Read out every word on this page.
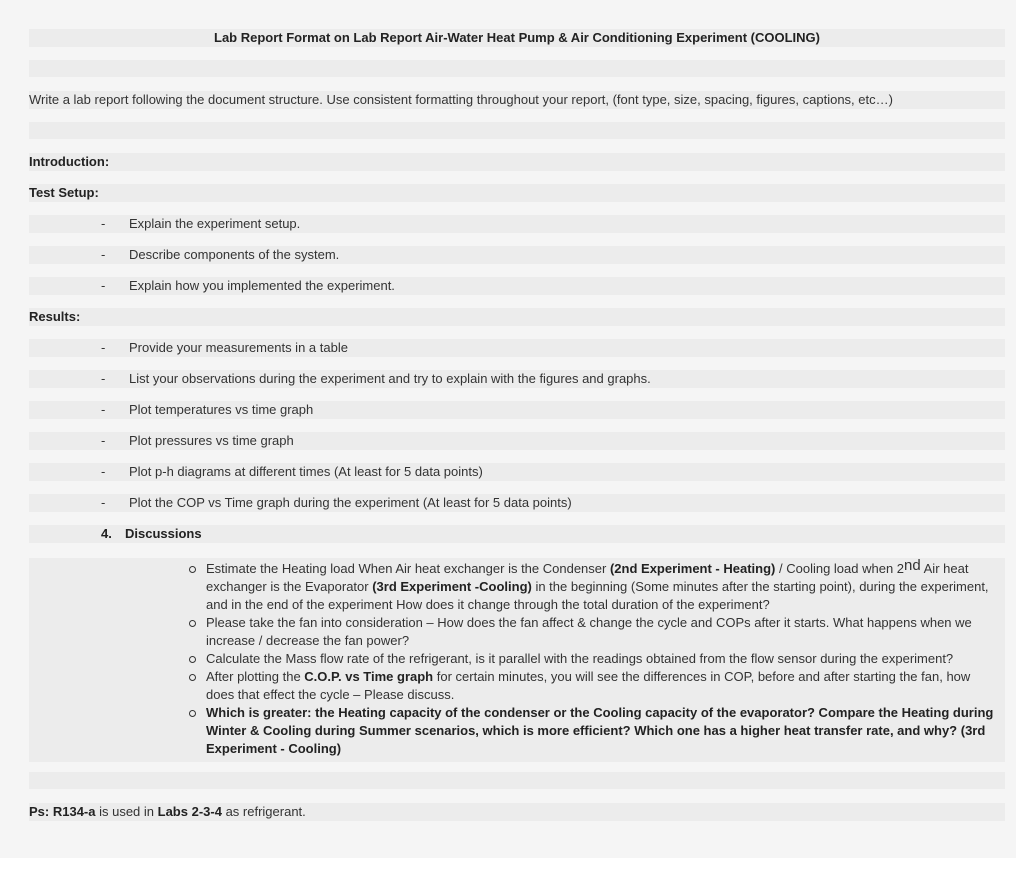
Lab Report Format on Lab Report Air-Water Heat Pump & Air Conditioning Experiment (COOLING)
Write a lab report following the document structure. Use consistent formatting throughout your report, (font type, size, spacing, figures, captions, etc…)
Introduction:
Test Setup:
- Explain the experiment setup.
- Describe components of the system.
- Explain how you implemented the experiment.
Results:
- Provide your measurements in a table
- List your observations during the experiment and try to explain with the figures and graphs.
- Plot temperatures vs time graph
- Plot pressures vs time graph
- Plot p-h diagrams at different times (At least for 5 data points)
- Plot the COP vs Time graph during the experiment (At least for 5 data points)
4. Discussions
Estimate the Heating load When Air heat exchanger is the Condenser (2nd Experiment - Heating) / Cooling load when 2nd Air heat exchanger is the Evaporator (3rd Experiment -Cooling) in the beginning (Some minutes after the starting point), during the experiment, and in the end of the experiment How does it change through the total duration of the experiment?
Please take the fan into consideration – How does the fan affect & change the cycle and COPs after it starts. What happens when we increase / decrease the fan power?
Calculate the Mass flow rate of the refrigerant, is it parallel with the readings obtained from the flow sensor during the experiment?
After plotting the C.O.P. vs Time graph for certain minutes, you will see the differences in COP, before and after starting the fan, how does that effect the cycle – Please discuss.
Which is greater: the Heating capacity of the condenser or the Cooling capacity of the evaporator? Compare the Heating during Winter & Cooling during Summer scenarios, which is more efficient? Which one has a higher heat transfer rate, and why? (3rd Experiment - Cooling)
Ps: R134-a is used in Labs 2-3-4 as refrigerant.
